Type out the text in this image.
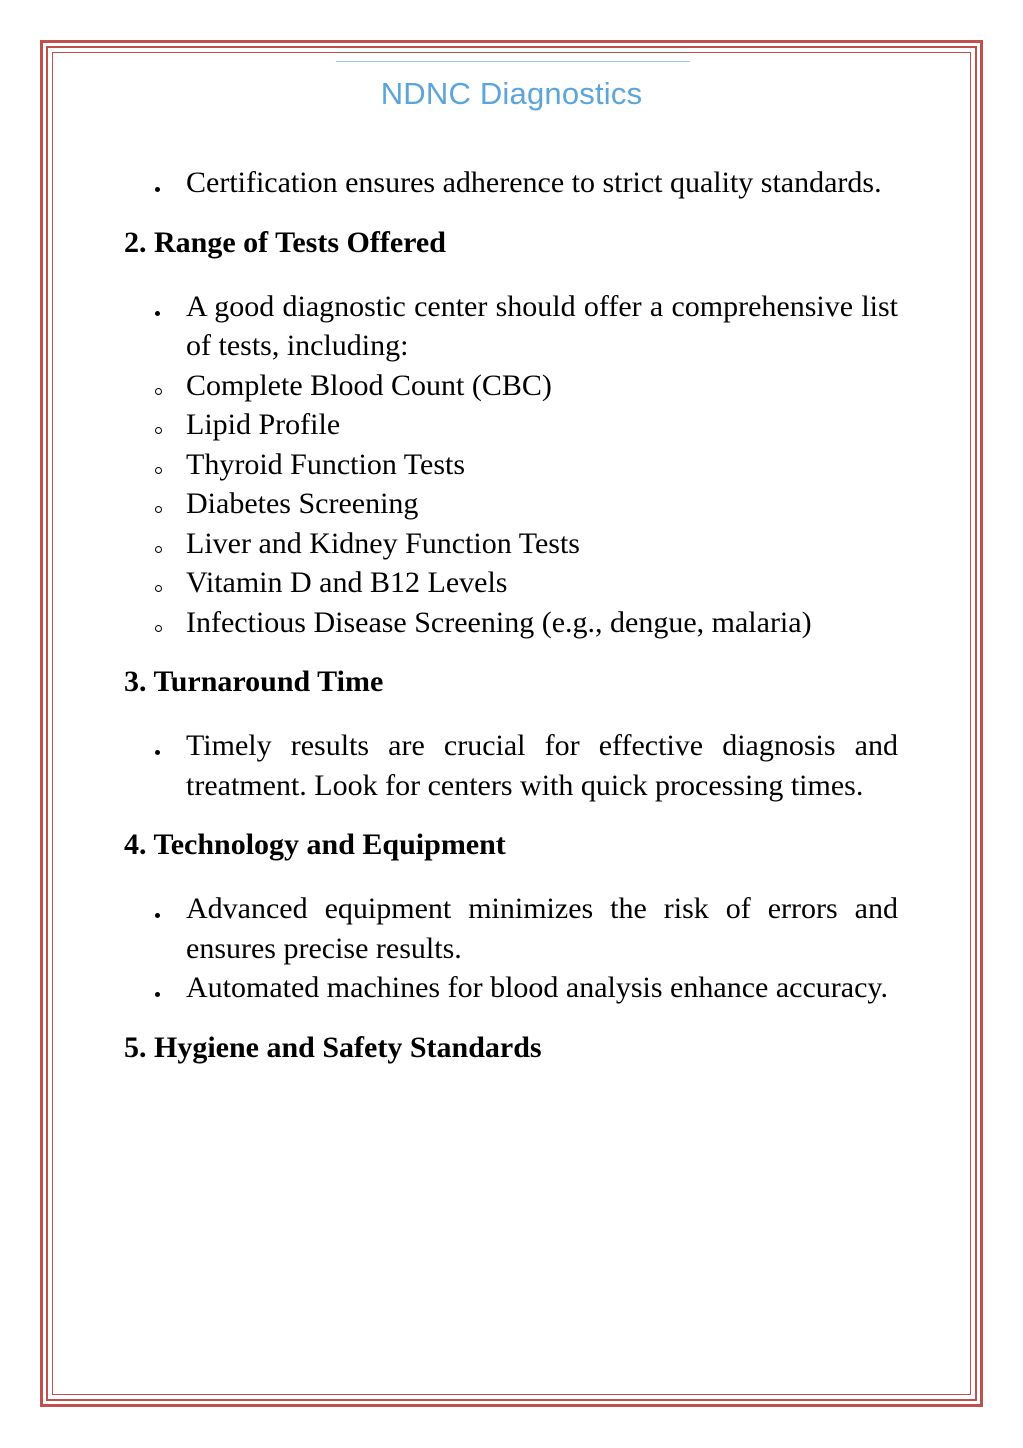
NDNC Diagnostics
Certification ensures adherence to strict quality standards.
2. Range of Tests Offered
A good diagnostic center should offer a comprehensive list of tests, including:
Complete Blood Count (CBC)
Lipid Profile
Thyroid Function Tests
Diabetes Screening
Liver and Kidney Function Tests
Vitamin D and B12 Levels
Infectious Disease Screening (e.g., dengue, malaria)
3. Turnaround Time
Timely results are crucial for effective diagnosis and treatment. Look for centers with quick processing times.
4. Technology and Equipment
Advanced equipment minimizes the risk of errors and ensures precise results.
Automated machines for blood analysis enhance accuracy.
5. Hygiene and Safety Standards
